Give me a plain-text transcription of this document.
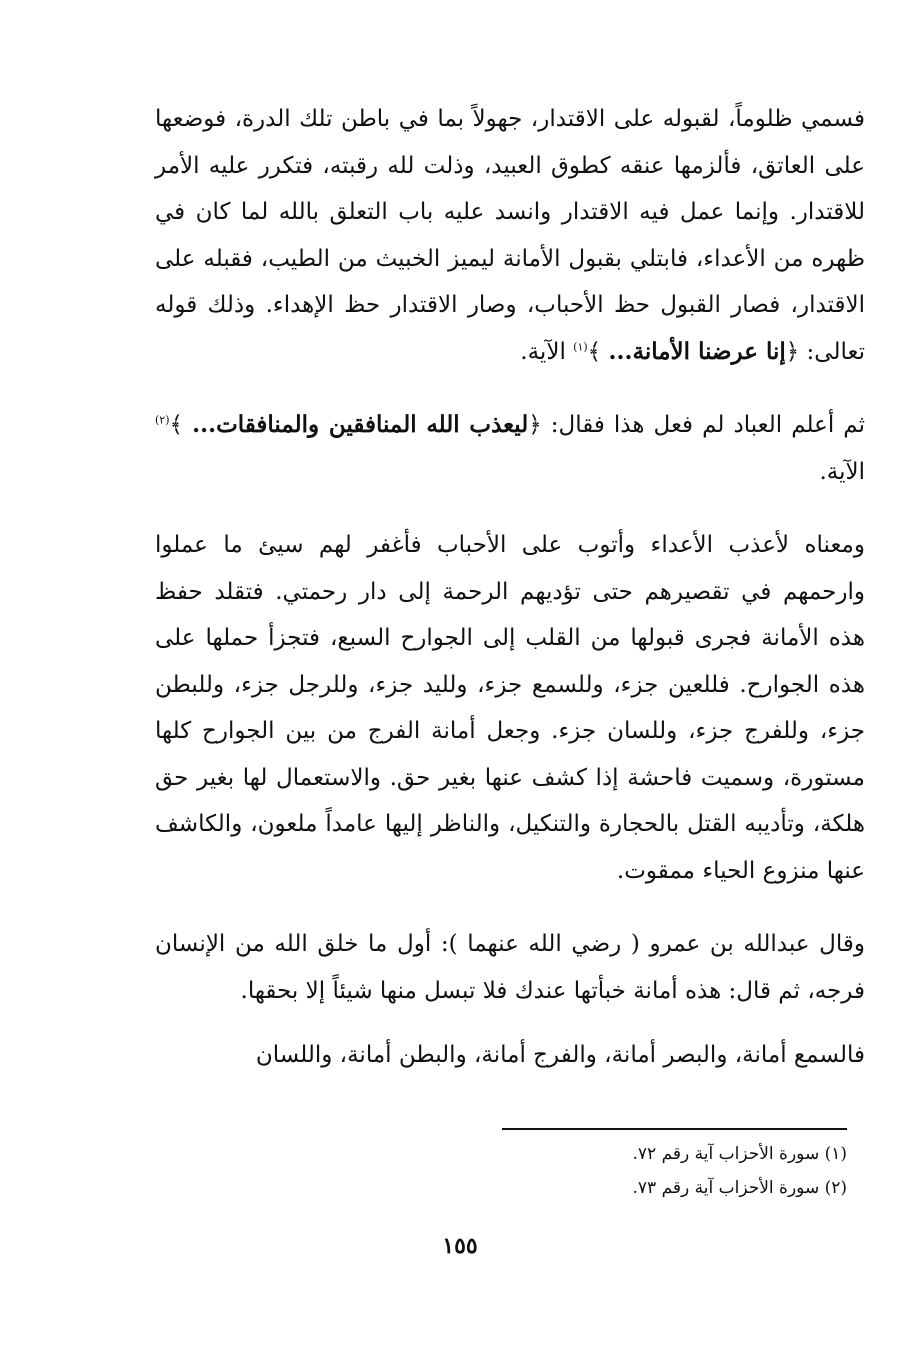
فسمي ظلوماً، لقبوله على الاقتدار، جهولاً بما في باطن تلك الدرة، فوضعها على العاتق، فألزمها عنقه كطوق العبيد، وذلت لله رقبته، فتكرر عليه الأمر للاقتدار. وإنما عمل فيه الاقتدار وانسد عليه باب التعلق بالله لما كان في ظهره من الأعداء، فابتلي بقبول الأمانة ليميز الخبيث من الطيب، فقبله على الاقتدار، فصار القبول حظ الأحباب، وصار الاقتدار حظ الإهداء. وذلك قوله تعالى: ﴿إنا عرضنا الأمانة... ﴾$^{(١)}$ الآية.

ثم أعلم العباد لم فعل هذا فقال: ﴿ليعذب الله المنافقين والمنافقات... ﴾$^{(٢)}$ الآية.

ومعناه لأعذب الأعداء وأتوب على الأحباب فأغفر لهم سيئ ما عملوا وارحمهم في تقصيرهم حتى تؤديهم الرحمة إلى دار رحمتي. فتقلد حفظ هذه الأمانة فجرى قبولها من القلب إلى الجوارح السبع، فتجزأ حملها على هذه الجوارح. فللعين جزء، وللسمع جزء، ولليد جزء، وللرجل جزء، وللبطن جزء، وللفرج جزء، وللسان جزء. وجعل أمانة الفرج من بين الجوارح كلها مستورة، وسميت فاحشة إذا كشف عنها بغير حق. والاستعمال لها بغير حق هلكة، وتأديبه القتل بالحجارة والتنكيل، والناظر إليها عامداً ملعون، والكاشف عنها منزوع الحياء ممقوت.

وقال عبدالله بن عمرو ( رضي الله عنهما ): أول ما خلق الله من الإنسان فرجه، ثم قال: هذه أمانة خبأتها عندك فلا تبسل منها شيئاً إلا بحقها.

فالسمع أمانة، والبصر أمانة، والفرج أمانة، والبطن أمانة، واللسان

(١) سورة الأحزاب آية رقم ٧٢.

(٢) سورة الأحزاب آية رقم ٧٣.

١٥٥
